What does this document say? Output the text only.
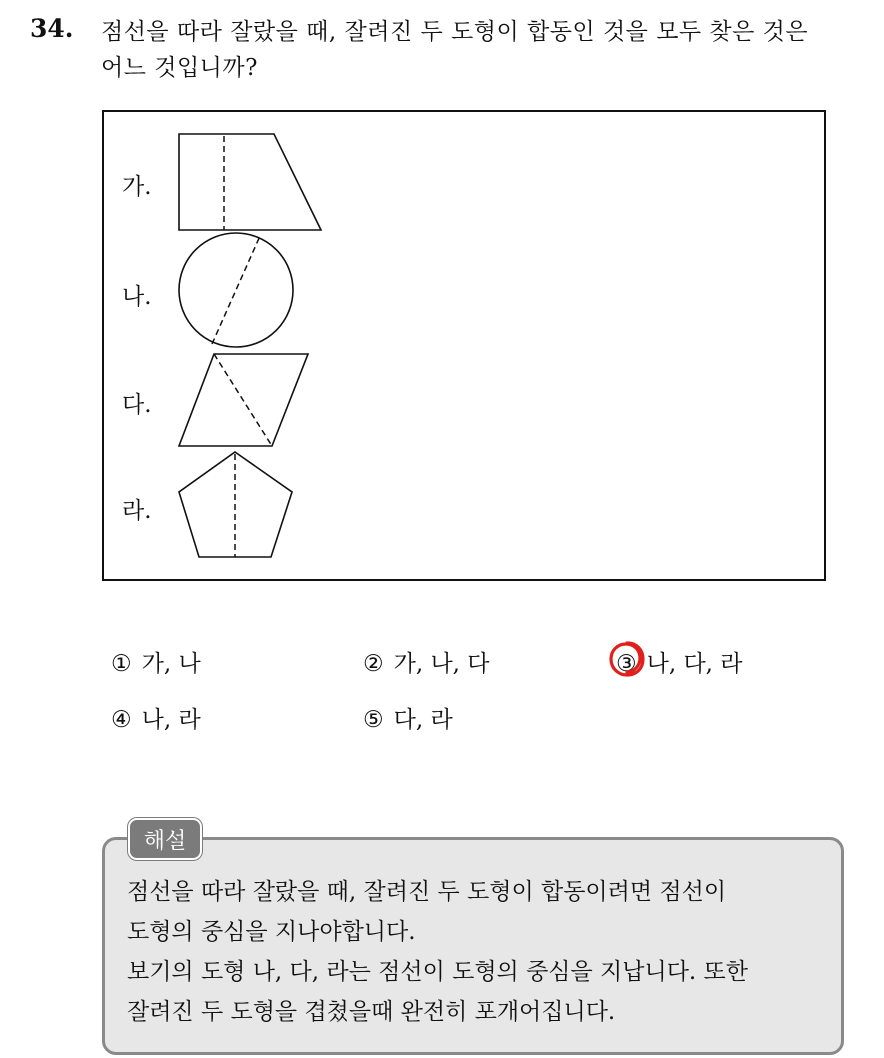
34. 점선을 따라 잘랐을 때, 잘려진 두 도형이 합동인 것을 모두 찾은 것은
어느 것입니까?
가.
나.
다.
라.
① 가, 나	② 가, 나, 다	③ 나, 다, 라
④ 나, 라	⑤ 다, 라
해설

점선을 따라 잘랐을 때, 잘려진 두 도형이 합동이려면 점선이

도형의 중심을 지나야합니다.

보기의 도형 나, 다, 라는 점선이 도형의 중심을 지납니다. 또한

잘려진 두 도형을 겹쳤을때 완전히 포개어집니다.
